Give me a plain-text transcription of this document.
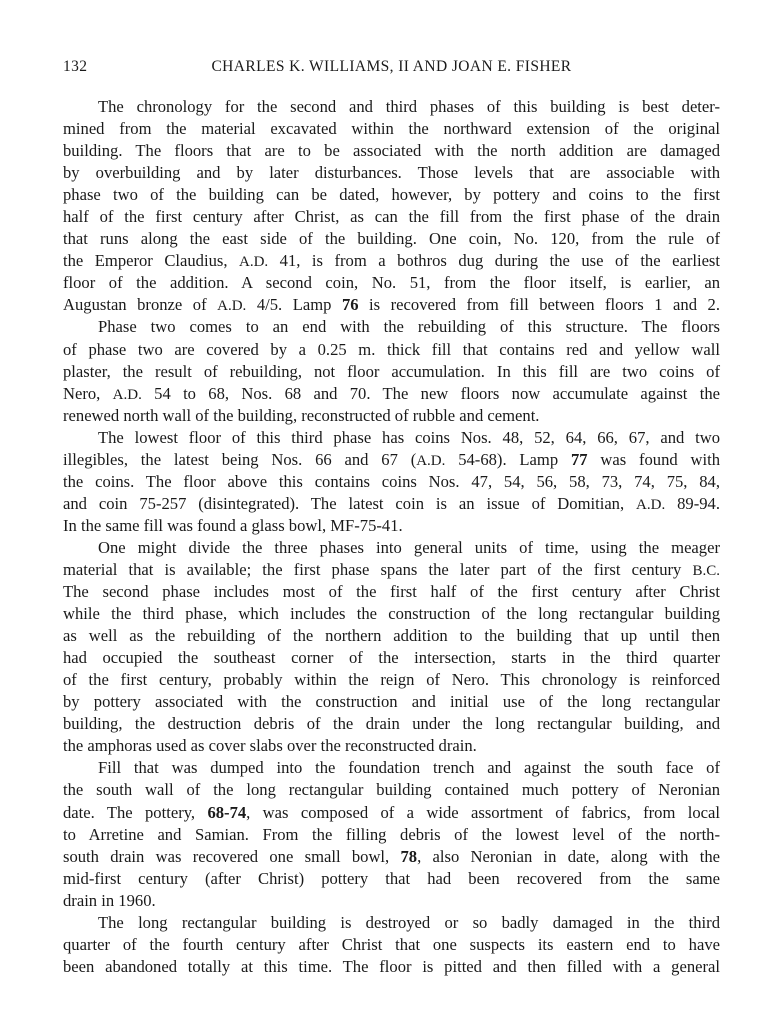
132	CHARLES K. WILLIAMS, II AND JOAN E. FISHER
The chronology for the second and third phases of this building is best deter-
mined from the material excavated within the northward extension of the original
building. The floors that are to be associated with the north addition are damaged
by overbuilding and by later disturbances. Those levels that are associable with
phase two of the building can be dated, however, by pottery and coins to the first
half of the first century after Christ, as can the fill from the first phase of the drain
that runs along the east side of the building. One coin, No. 120, from the rule of
the Emperor Claudius, A.D. 41, is from a bothros dug during the use of the earliest
floor of the addition. A second coin, No. 51, from the floor itself, is earlier, an
Augustan bronze of A.D. 4/5. Lamp 76 is recovered from fill between floors 1 and 2.
Phase two comes to an end with the rebuilding of this structure. The floors
of phase two are covered by a 0.25 m. thick fill that contains red and yellow wall
plaster, the result of rebuilding, not floor accumulation. In this fill are two coins of
Nero, A.D. 54 to 68, Nos. 68 and 70. The new floors now accumulate against the
renewed north wall of the building, reconstructed of rubble and cement.
The lowest floor of this third phase has coins Nos. 48, 52, 64, 66, 67, and two
illegibles, the latest being Nos. 66 and 67 (A.D. 54-68). Lamp 77 was found with
the coins. The floor above this contains coins Nos. 47, 54, 56, 58, 73, 74, 75, 84,
and coin 75-257 (disintegrated). The latest coin is an issue of Domitian, A.D. 89-94.
In the same fill was found a glass bowl, MF-75-41.
One might divide the three phases into general units of time, using the meager
material that is available; the first phase spans the later part of the first century B.C.
The second phase includes most of the first half of the first century after Christ
while the third phase, which includes the construction of the long rectangular building
as well as the rebuilding of the northern addition to the building that up until then
had occupied the southeast corner of the intersection, starts in the third quarter
of the first century, probably within the reign of Nero. This chronology is reinforced
by pottery associated with the construction and initial use of the long rectangular
building, the destruction debris of the drain under the long rectangular building, and
the amphoras used as cover slabs over the reconstructed drain.
Fill that was dumped into the foundation trench and against the south face of
the south wall of the long rectangular building contained much pottery of Neronian
date. The pottery, 68-74, was composed of a wide assortment of fabrics, from local
to Arretine and Samian. From the filling debris of the lowest level of the north-
south drain was recovered one small bowl, 78, also Neronian in date, along with the
mid-first century (after Christ) pottery that had been recovered from the same
drain in 1960.
The long rectangular building is destroyed or so badly damaged in the third
quarter of the fourth century after Christ that one suspects its eastern end to have
been abandoned totally at this time. The floor is pitted and then filled with a general
